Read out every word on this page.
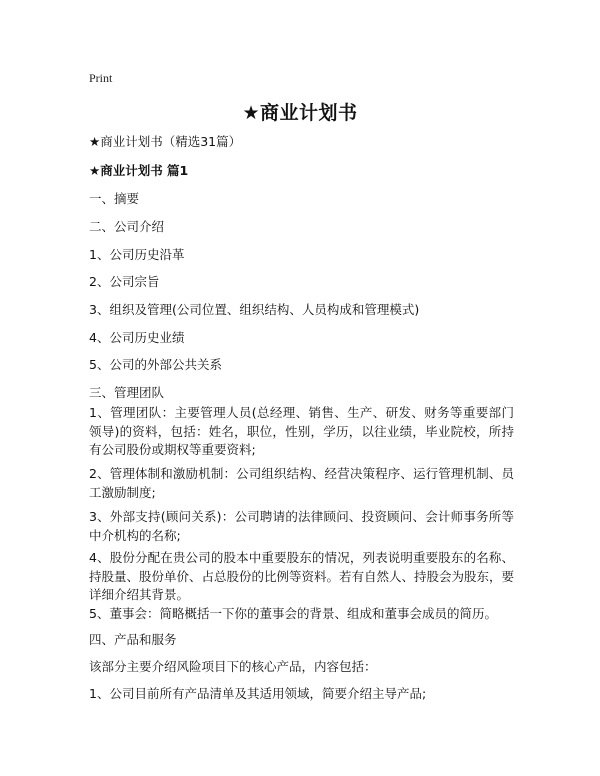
Print
★商业计划书
★商业计划书（精选31篇）
★商业计划书 篇1
一、摘要
二、公司介绍
1、公司历史沿革
2、公司宗旨
3、组织及管理(公司位置、组织结构、人员构成和管理模式)
4、公司历史业绩
5、公司的外部公共关系
三、管理团队
1、管理团队：主要管理人员(总经理、销售、生产、研发、财务等重要部门领导)的资料，包括：姓名，职位，性别，学历，以往业绩，毕业院校，所持有公司股份或期权等重要资料;
2、管理体制和激励机制：公司组织结构、经营决策程序、运行管理机制、员工激励制度;
3、外部支持(顾问关系)：公司聘请的法律顾问、投资顾问、会计师事务所等中介机构的名称;
4、股份分配在贵公司的股本中重要股东的情况，列表说明重要股东的名称、持股量、股份单价、占总股份的比例等资料。若有自然人、持股会为股东，要详细介绍其背景。
5、董事会：简略概括一下你的董事会的背景、组成和董事会成员的简历。
四、产品和服务
该部分主要介绍风险项目下的核心产品，内容包括：
1、公司目前所有产品清单及其适用领域，简要介绍主导产品;
